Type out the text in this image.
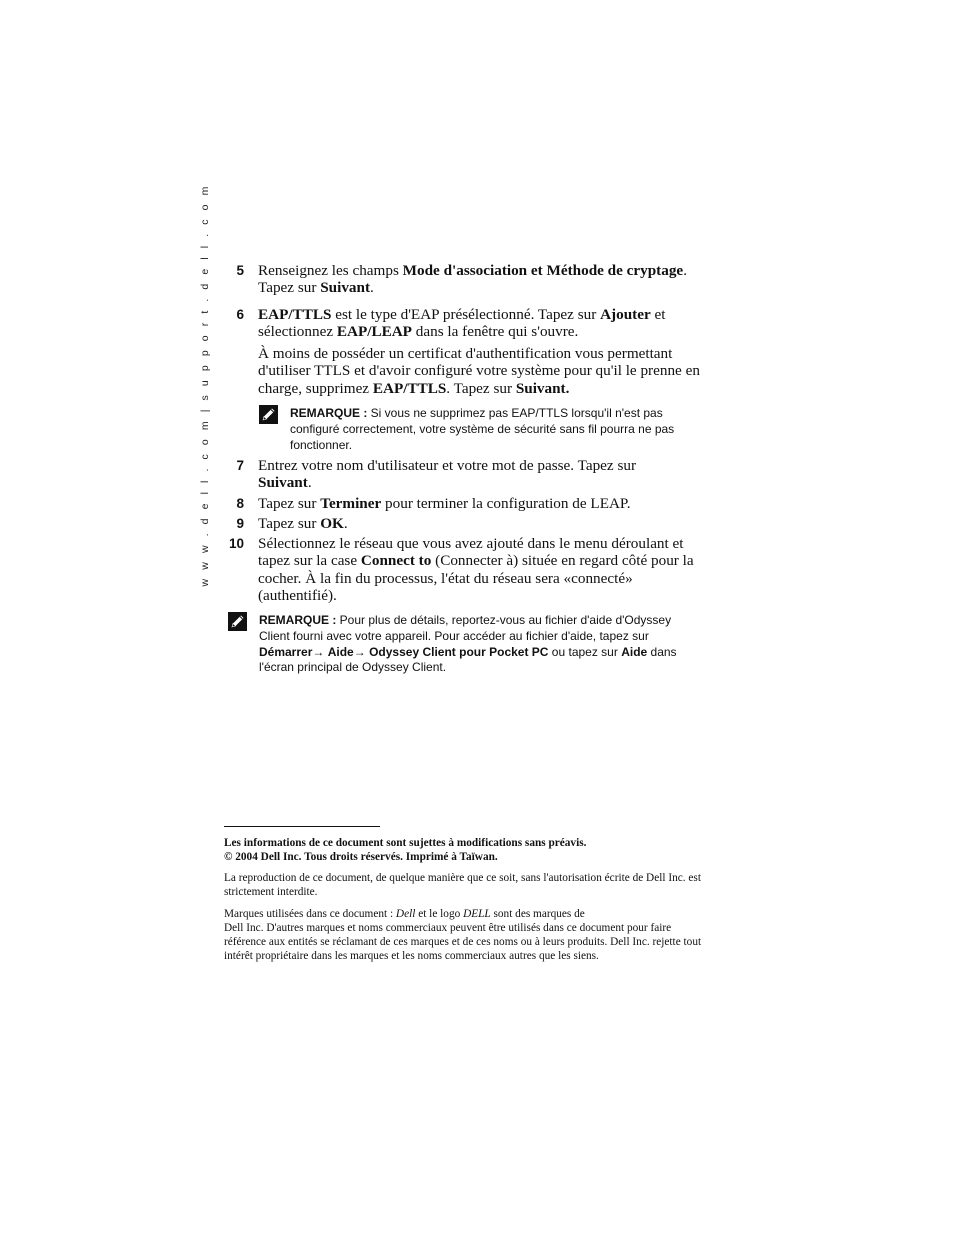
w w w . d e l l . c o m | s u p p o r t . d e l l . c o m	5 Renseignez les champs Mode d'association et Méthode de cryptage.
Tapez sur Suivant.
6 EAP/TTLS est le type d'EAP présélectionné. Tapez sur Ajouter et
sélectionnez EAP/LEAP dans la fenêtre qui s'ouvre.
À moins de posséder un certificat d'authentification vous permettant d'utiliser TTLS et d'avoir configuré votre système pour qu'il le prenne en charge, supprimez EAP/TTLS. Tapez sur Suivant.
REMARQUE : Si vous ne supprimez pas EAP/TTLS lorsqu'il n'est pas configuré correctement, votre système de sécurité sans fil pourra ne pas fonctionner.
7 Entrez votre nom d'utilisateur et votre mot de passe. Tapez sur
Suivant.
8 Tapez sur Terminer pour terminer la configuration de LEAP.
9 Tapez sur OK.
10 Sélectionnez le réseau que vous avez ajouté dans le menu déroulant et tapez sur la case Connect to (Connecter à) située en regard côté pour la cocher. À la fin du processus, l'état du réseau sera «connecté» (authentifié).
REMARQUE : Pour plus de détails, reportez-vous au fichier d'aide d'Odyssey Client fourni avec votre appareil. Pour accéder au fichier d'aide, tapez sur Démarrer→ Aide→ Odyssey Client pour Pocket PC ou tapez sur Aide dans l'écran principal de Odyssey Client.
Les informations de ce document sont sujettes à modifications sans préavis.
© 2004 Dell Inc. Tous droits réservés. Imprimé à Taïwan.
La reproduction de ce document, de quelque manière que ce soit, sans l'autorisation écrite de Dell Inc. est strictement interdite.
Marques utilisées dans ce document : Dell et le logo DELL sont des marques de
Dell Inc. D'autres marques et noms commerciaux peuvent être utilisés dans ce document pour faire référence aux entités se réclamant de ces marques et de ces noms ou à leurs produits. Dell Inc. rejette tout intérêt propriétaire dans les marques et les noms commerciaux autres que les siens.
